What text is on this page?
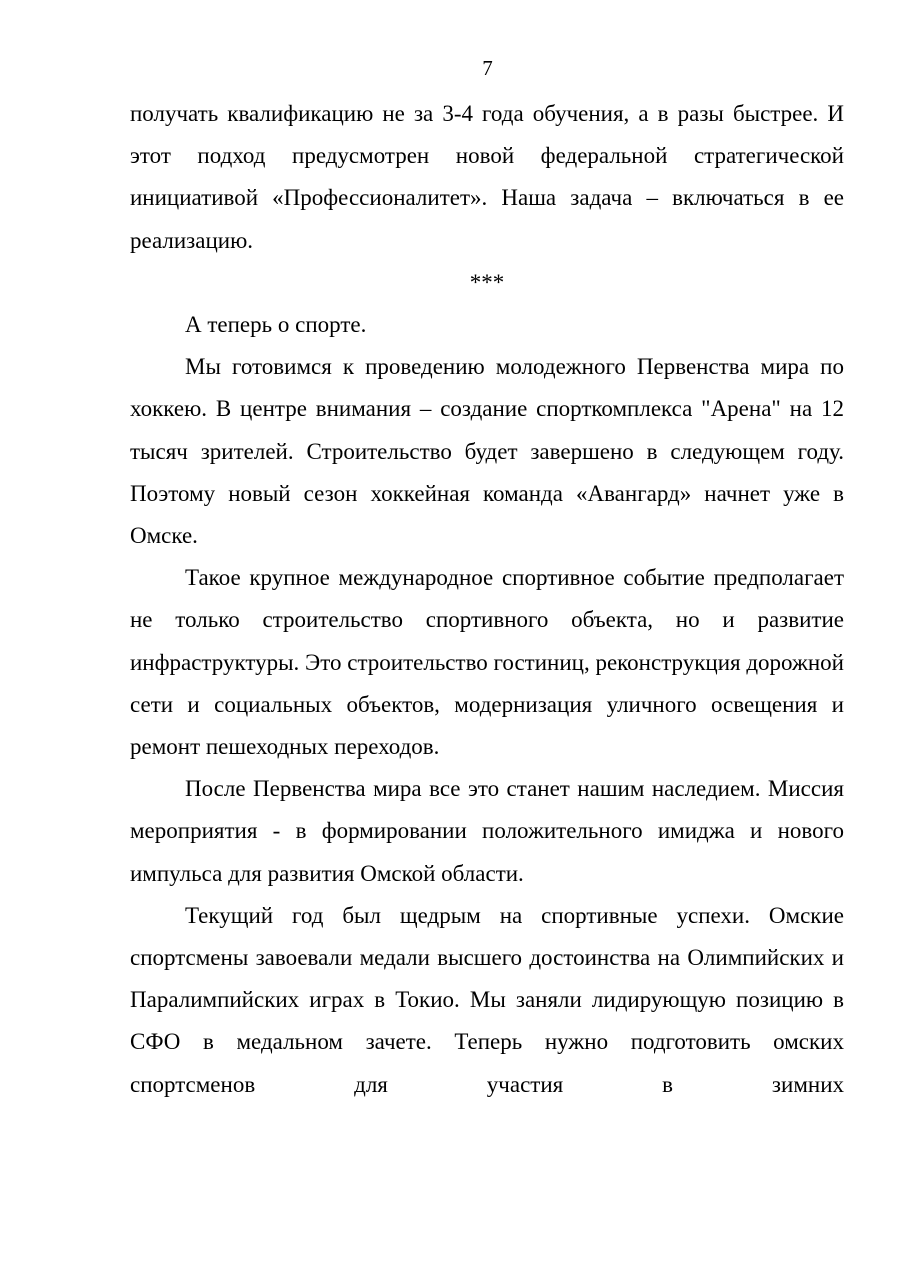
7

получать квалификацию не за 3-4 года обучения, а в разы быстрее. И этот подход предусмотрен новой федеральной стратегической инициативой «Профессионалитет». Наша задача – включаться в ее реализацию.

***

А теперь о спорте.

Мы готовимся к проведению молодежного Первенства мира по хоккею. В центре внимания – создание спорткомплекса "Арена" на 12 тысяч зрителей. Строительство будет завершено в следующем году. Поэтому новый сезон хоккейная команда «Авангард» начнет уже в Омске.

Такое крупное международное спортивное событие предполагает не только строительство спортивного объекта, но и развитие инфраструктуры. Это строительство гостиниц, реконструкция дорожной сети и социальных объектов, модернизация уличного освещения и ремонт пешеходных переходов.

После Первенства мира все это станет нашим наследием. Миссия мероприятия - в формировании положительного имиджа и нового импульса для развития Омской области.

Текущий год был щедрым на спортивные успехи. Омские спортсмены завоевали медали высшего достоинства на Олимпийских и Паралимпийских играх в Токио. Мы заняли лидирующую позицию в СФО в медальном зачете. Теперь нужно подготовить омских спортсменов для участия в зимних
